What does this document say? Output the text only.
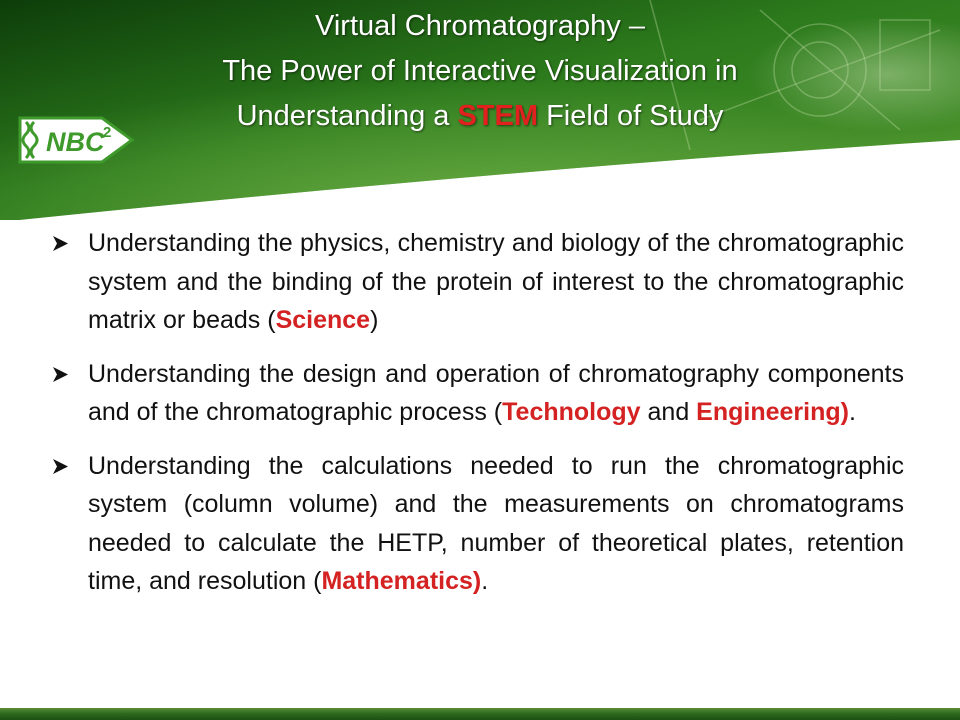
Virtual Chromatography –
The Power of Interactive Visualization in
Understanding a STEM Field of Study
NBC
2
Understanding the physics, chemistry and biology of the chromatographic system and the binding of the protein of interest to the chromatographic matrix or beads (Science)
Understanding the design and operation of chromatography components and of the chromatographic process (Technology and Engineering).
Understanding the calculations needed to run the chromatographic system (column volume) and the measurements on chromatograms needed to calculate the HETP, number of theoretical plates, retention time, and resolution (Mathematics).
